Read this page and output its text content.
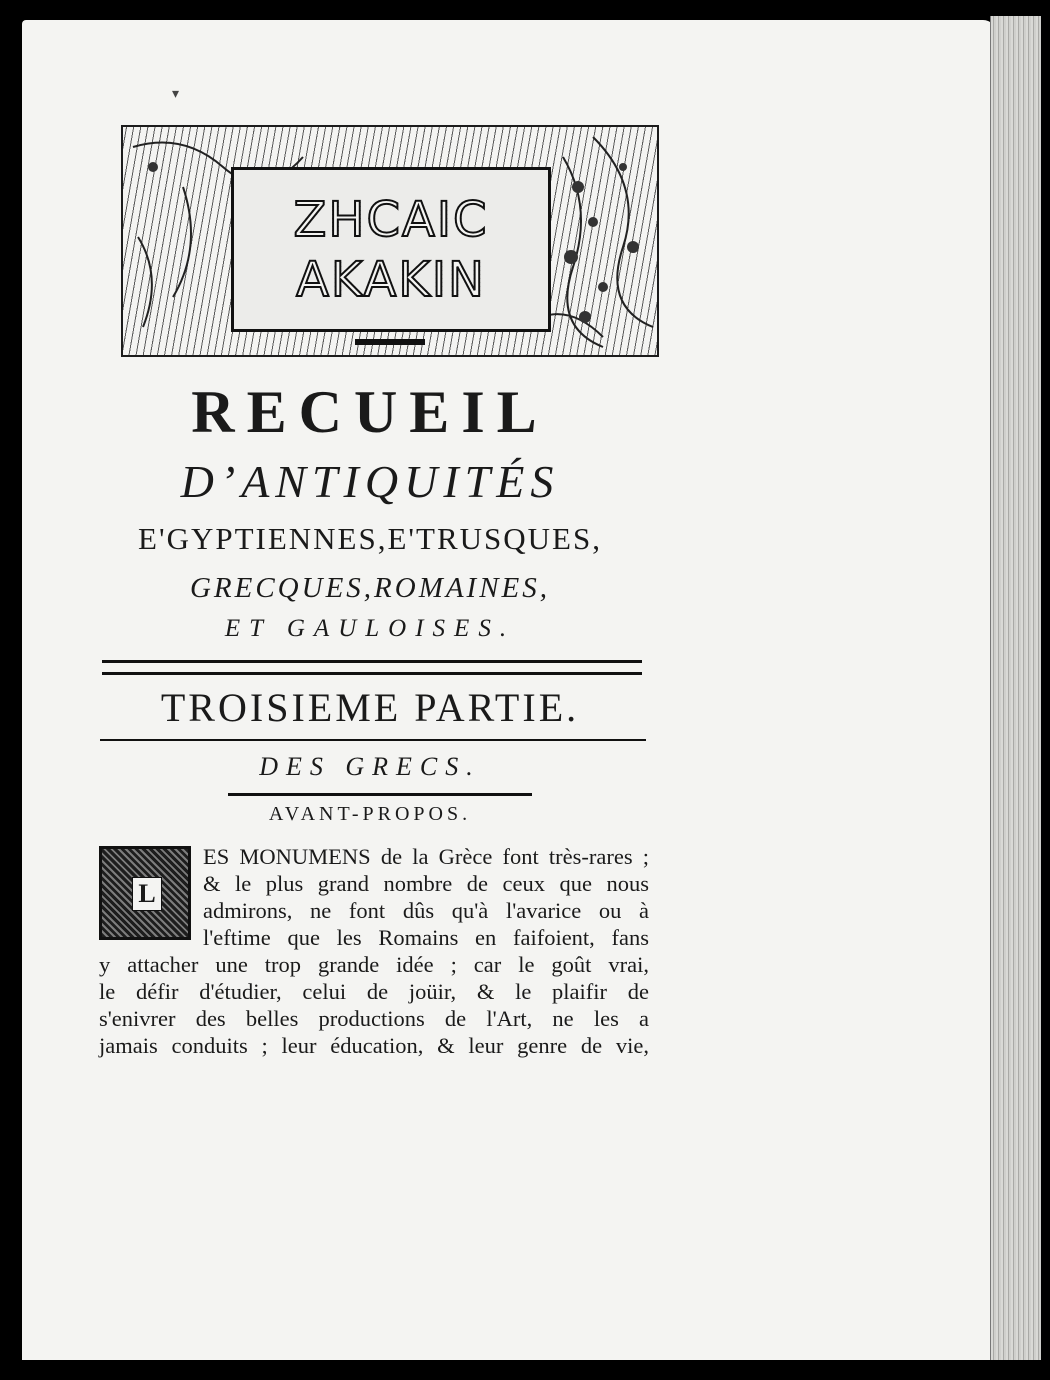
▾
ZHCAIC
AKAKIN
RECUEIL
D’ANTIQUITÉS
E'GYPTIENNES,E'TRUSQUES,
GRECQUES,ROMAINES,
ET GAULOISES.
TROISIEME PARTIE.
DES GRECS.
AVANT-PROPOS.
L
ES MONUMENS de la Grèce font très-rares ;
& le plus grand nombre de ceux que nous
admirons, ne font dûs qu'à l'avarice ou à
l'eftime que les Romains en faifoient, fans
y attacher une trop grande idée ; car le goût vrai,
le défir d'étudier, celui de joüir, & le plaifir de
s'enivrer des belles productions de l'Art, ne les a
jamais conduits ; leur éducation, & leur genre de vie,
